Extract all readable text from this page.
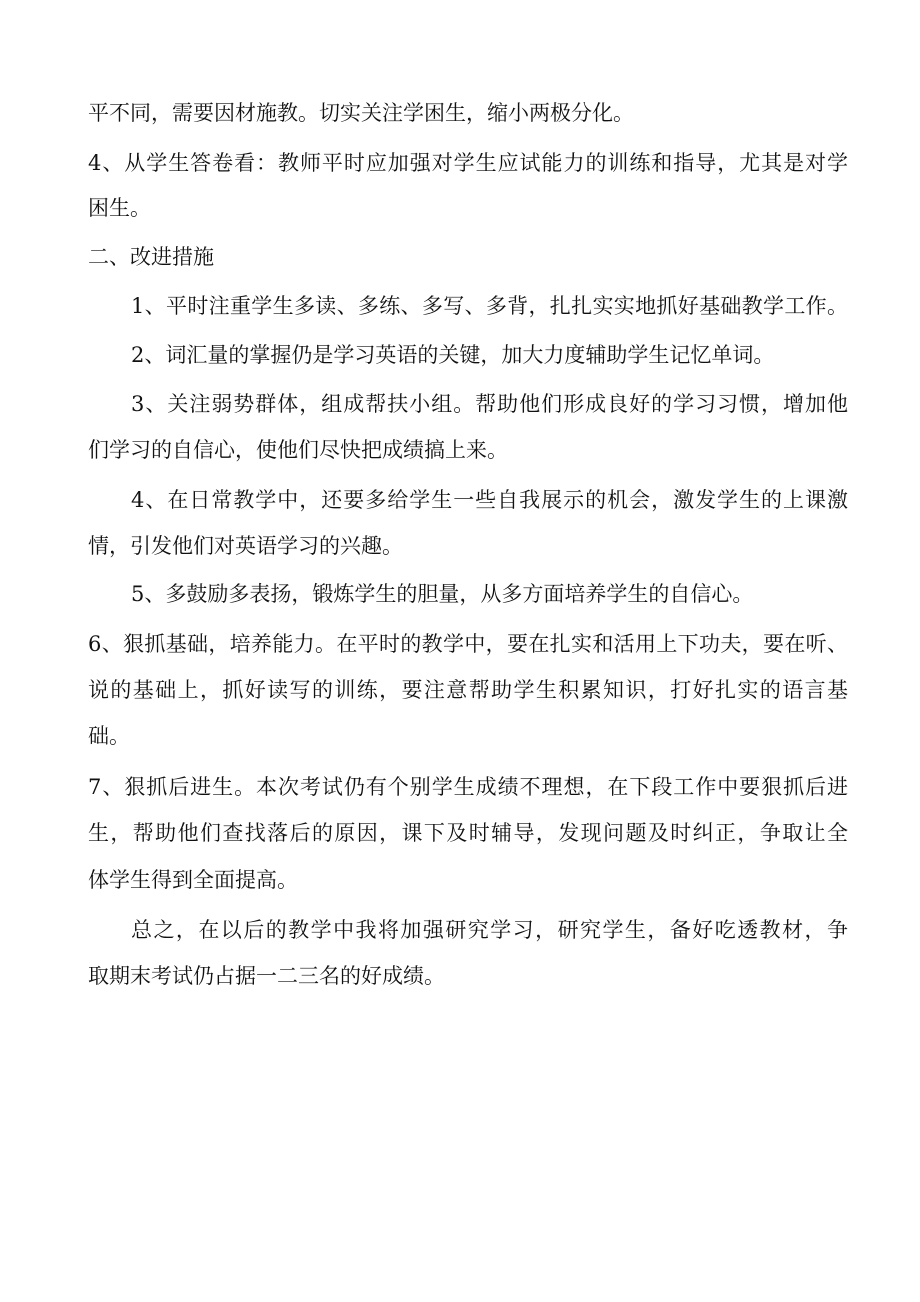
平不同，需要因材施教。切实关注学困生，缩小两极分化。
4、从学生答卷看：教师平时应加强对学生应试能力的训练和指导，尤其是对学
困生。
二、改进措施
1、平时注重学生多读、多练、多写、多背，扎扎实实地抓好基础教学工作。
2、词汇量的掌握仍是学习英语的关键，加大力度辅助学生记忆单词。
3、关注弱势群体，组成帮扶小组。帮助他们形成良好的学习习惯，增加他
们学习的自信心，使他们尽快把成绩搞上来。
4、在日常教学中，还要多给学生一些自我展示的机会，激发学生的上课激
情，引发他们对英语学习的兴趣。
5、多鼓励多表扬，锻炼学生的胆量，从多方面培养学生的自信心。
6、狠抓基础，培养能力。在平时的教学中，要在扎实和活用上下功夫，要在听、
说的基础上，抓好读写的训练，要注意帮助学生积累知识，打好扎实的语言基
础。
7、狠抓后进生。本次考试仍有个别学生成绩不理想，在下段工作中要狠抓后进
生，帮助他们查找落后的原因，课下及时辅导，发现问题及时纠正，争取让全
体学生得到全面提高。
总之，在以后的教学中我将加强研究学习，研究学生，备好吃透教材，争
取期末考试仍占据一二三名的好成绩。
